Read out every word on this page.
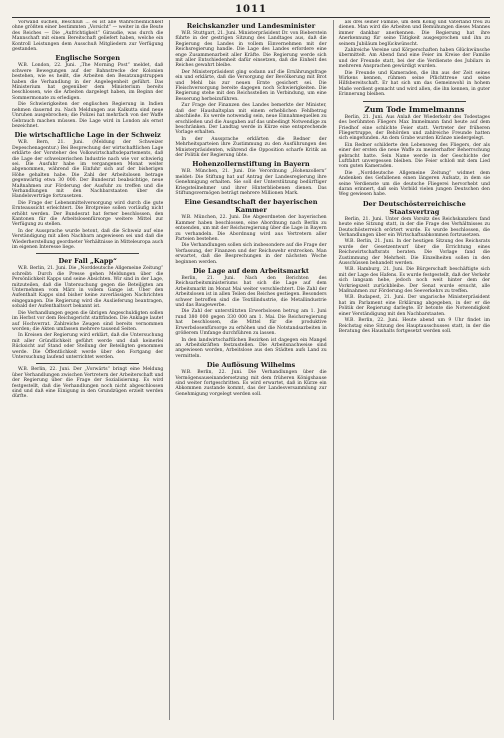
1011

Vorwand suchen, Beschluß ... es ist alle Wahrscheinlichkeit ohne größten einer bestimmten „Vorsicht“ — weiter in die Beute des Reiches — Die „Aufrichtigkeit“ Giraudie, was durch die Mannschaft mit einem Bereitschaft geliefert haben, welche ein Kontroll Leistungen dem Ausschuß Mitgliedern zur Verfügung gestanden.

Englische Sorgen

W.B. London, 22. Juni. „The Morning Post“ meldet, daß schwere Bewegungen auf der Bahnstrecke der Kolonien bestehen, wie es heißt, die Arbeiten den Besatzungstruppen haben die Verhandlung in der Angelegenheit geführt. Das Ministerium hat gegenüber dem Ministerium bereits beschlossen, wie die Arbeiten dargelegt haben, im Beginn der Sommermonate zu erledigen.

Die Schwierigkeiten der englischen Regierung in Indien nehmen dauernd zu. Nach Meldungen aus Kalkutta sind neue Unruhen ausgebrochen; die Polizei hat mehrfach von der Waffe Gebrauch machen müssen. Die Lage wird in London als ernst bezeichnet.

Die wirtschaftliche Lage in der Schweiz

W.B. Bern, 21. Juni. (Meldung der Schweizer Depeschenagentur.) Bei Besprechung der wirtschaftlichen Lage erklärte der Vorsteher des Volkswirtschaftsdepartements, daß die Lage der schweizerischen Industrie nach wie vor schwierig sei. Die Ausfuhr habe im vergangenen Monat weiter abgenommen, während die Einfuhr sich auf der bisherigen Höhe gehalten habe. Die Zahl der Arbeitslosen betrage gegenwärtig etwa 30 000. Der Bundesrat beabsichtige, neue Maßnahmen zur Förderung der Ausfuhr zu treffen und die Verhandlungen mit den Nachbarstaaten über die Handelsverträge fortzusetzen.

Die Frage der Lebensmittelversorgung wird durch die gute Ernteaussicht erleichtert. Die Brotpreise sollen vorläufig nicht erhöht werden. Der Bundesrat hat ferner beschlossen, den Kantonen für die Arbeitslosenfürsorge weitere Mittel zur Verfügung zu stellen.

In der Aussprache wurde betont, daß die Schweiz auf eine Verständigung mit allen Nachbarn angewiesen sei und daß die Wiederherstellung geordneter Verhältnisse in Mitteleuropa auch im eigenen Interesse liege.

Der Fall „Kapp“

W.B. Berlin, 21. Juni. Die „Norddeutsche Allgemeine Zeitung“ schreibt: Durch die Presse gehen Meldungen über die Persönlichkeit Kapps und seine Absichten. Wir sind in der Lage, mitzuteilen, daß die Untersuchung gegen die Beteiligten am Unternehmen vom März in vollem Gange ist. Über den Aufenthalt Kapps sind bisher keine zuverlässigen Nachrichten eingegangen. Die Regierung wird die Auslieferung beantragen, sobald der Aufenthaltsort bekannt ist.

Die Verhandlungen gegen die übrigen Angeschuldigten sollen im Herbst vor dem Reichsgericht stattfinden. Die Anklage lautet auf Hochverrat. Zahlreiche Zeugen sind bereits vernommen worden; die Akten umfassen mehrere tausend Seiten.

In Kreisen der Regierung wird erklärt, daß die Untersuchung mit aller Gründlichkeit geführt werde und daß keinerlei Rücksicht auf Stand oder Stellung der Beteiligten genommen werde. Die Öffentlichkeit werde über den Fortgang der Untersuchung laufend unterrichtet werden.

W.B. Berlin, 22. Juni. Der „Vorwärts“ bringt eine Meldung über Verhandlungen zwischen Vertretern der Arbeiterschaft und der Regierung über die Frage der Sozialisierung. Es wird festgestellt, daß die Verhandlungen noch nicht abgeschlossen sind und daß eine Einigung in den Grundzügen erzielt werden dürfte.

Reichskanzler und Landesminister

W.B. Stuttgart, 21. Juni. Ministerpräsident Dr. von Bieberstein führte in der gestrigen Sitzung des Landtages aus, daß die Regierung des Landes in vollem Einvernehmen mit der Reichsregierung handle. Die Lage des Landes erfordere eine enge Zusammenarbeit aller Kräfte. Die Regierung werde sich mit aller Entschiedenheit dafür einsetzen, daß die Einheit des Reiches gewahrt bleibe.

Der Ministerpräsident ging sodann auf die Ernährungsfrage ein und erklärte, daß die Versorgung der Bevölkerung mit Brot und Mehl bis zur neuen Ernte gesichert sei. Die Fleischversorgung bereite dagegen noch Schwierigkeiten. Die Regierung stehe mit den Reichsstellen in Verbindung, um eine Besserung herbeizuführen.

Zur Frage der Finanzen des Landes bemerkte der Minister, daß der Haushaltsplan mit einem erheblichen Fehlbetrag abschließe. Es werde notwendig sein, neue Einnahmequellen zu erschließen und die Ausgaben auf das unbedingt Notwendige zu beschränken. Der Landtag werde in Kürze eine entsprechende Vorlage erhalten.

In der Aussprache erklärten die Redner der Mehrheitsparteien ihre Zustimmung zu den Ausführungen des Ministerpräsidenten, während die Opposition scharfe Kritik an der Politik der Regierung übte.

Hohenzollernstiftung in Bayern

W.B. München, 21. Juni. Die Verordnung „Hohenzollern“ meldet: Die Stiftung hat auf Antrag der Landesregierung ihre Genehmigung erhalten. Sie soll der Unterstützung bedürftiger Kriegsteilnehmer und ihrer Hinterbliebenen dienen. Das Stiftungsvermögen beträgt mehrere Millionen Mark.

Eine Gesandtschaft der bayerischen Kammer

W.B. München, 22. Juni. Die Abgeordneten der bayerischen Kammer haben beschlossen, eine Abordnung nach Berlin zu entsenden, um mit der Reichsregierung über die Lage in Bayern zu verhandeln. Die Abordnung wird aus Vertretern aller Parteien bestehen.

Die Verhandlungen sollen sich insbesondere auf die Frage der Verfassung, der Finanzen und der Reichswehr erstrecken. Man erwartet, daß die Besprechungen in der nächsten Woche beginnen werden.

Die Lage auf dem Arbeitsmarkt

Berlin, 21. Juni. Nach den Berichten des Reichsarbeitsministeriums hat sich die Lage auf dem Arbeitsmarkt im Monat Mai weiter verschlechtert. Die Zahl der Arbeitslosen ist in allen Teilen des Reiches gestiegen. Besonders schwer betroffen sind die Textilindustrie, die Metallindustrie und das Baugewerbe.

Die Zahl der unterstützten Erwerbslosen betrug am 1. Juni rund 380 000 gegen 330 000 am 1. Mai. Die Reichsregierung hat beschlossen, die Mittel für die produktive Erwerbslosenfürsorge zu erhöhen und die Notstandsarbeiten in größerem Umfange durchführen zu lassen.

In den landwirtschaftlichen Bezirken ist dagegen ein Mangel an Arbeitskräften festzustellen. Die Arbeitsnachweise sind angewiesen worden, Arbeitslose aus den Städten aufs Land zu vermitteln.

Die Auflösung Wilhelms

W.B. Berlin, 22. Juni. Die Verhandlungen über die Vermögensauseinandersetzung mit dem früheren Königshause sind weiter fortgeschritten. Es wird erwartet, daß in Kürze ein Abkommen zustande kommt, das der Landesversammlung zur Genehmigung vorgelegt werden soll.

als drei seiner Familie, um dem König und Vaterland treu zu dienen. Man wird die Arbeiten und Bemühungen dieses Mannes immer dankbar anerkennen. Die Regierung hat ihre Anerkennung für seine Tätigkeit ausgesprochen und ihn zu seinem Jubiläum beglückwünscht.

Zahlreiche Vereine und Körperschaften haben Glückwünsche übermittelt. Am Abend fand eine Feier im Kreise der Familie und der Freunde statt, bei der die Verdienste des Jubilars in mehreren Ansprachen gewürdigt wurden.

Die Freunde und Kameraden, die ihn aus der Zeit seines Wirkens kennen, rühmen seine Pflichttreue und seine Hilfsbereitschaft. Er hat sich um das Gemeinwohl in hohem Maße verdient gemacht und wird allen, die ihn kennen, in guter Erinnerung bleiben.

Zum Tode Immelmanns

Berlin, 21. Juni. Aus Anlaß der Wiederkehr des Todestages des berühmten Fliegers Max Immelmann fand heute auf dem Friedhof eine schlichte Feier statt. Vertreter der früheren Fliegertruppe, der Behörden und zahlreiche Freunde hatten sich eingefunden. An dem Grabe wurden Kränze niedergelegt.

Ein Redner schilderte den Lebensweg des Fliegers, der als einer der ersten die neue Waffe zu meisterhafter Beherrschung gebracht hatte. Sein Name werde in der Geschichte der Luftfahrt unvergessen bleiben. Die Feier schloß mit dem Lied vom guten Kameraden.

Die „Norddeutsche Allgemeine Zeitung“ widmet dem Andenken des Gefallenen einen längeren Aufsatz, in dem sie seine Verdienste um die deutsche Fliegerei hervorhebt und daran erinnert, daß sein Vorbild vielen jungen Deutschen den Weg gewiesen habe.

Der Deutschösterreichische Staatsvertrag

Berlin, 21. Juni. Unter dem Vorsitz des Reichskanzlers fand heute eine Sitzung statt, in der die Frage des Verhältnisses zu Deutschösterreich erörtert wurde. Es wurde beschlossen, die Verhandlungen über ein Wirtschaftsabkommen fortzusetzen.

W.B. Berlin, 21. Juni. In der heutigen Sitzung des Reichsrats wurde der Gesetzentwurf über die Errichtung eines Reichswirtschaftsrats beraten. Die Vorlage fand die Zustimmung der Mehrheit. Die Einzelheiten sollen in den Ausschüssen behandelt werden.

W.B. Hamburg, 21. Juni. Die Bürgerschaft beschäftigte sich mit der Lage des Hafens. Es wurde festgestellt, daß der Verkehr sich langsam hebe, jedoch noch weit hinter dem der Vorkriegszeit zurückbleibe. Der Senat wurde ersucht, alle Maßnahmen zur Förderung des Seeverkehrs zu treffen.

W.B. Budapest, 21. Juni. Der ungarische Ministerpräsident hat im Parlament eine Erklärung abgegeben, in der er die Politik der Regierung darlegte. Er betonte die Notwendigkeit einer Verständigung mit den Nachbarstaaten.

W.B. Berlin, 22. Juni. Heute abend um 9 Uhr findet im Reichstag eine Sitzung des Hauptausschusses statt, in der die Beratung des Haushalts fortgesetzt werden soll.
